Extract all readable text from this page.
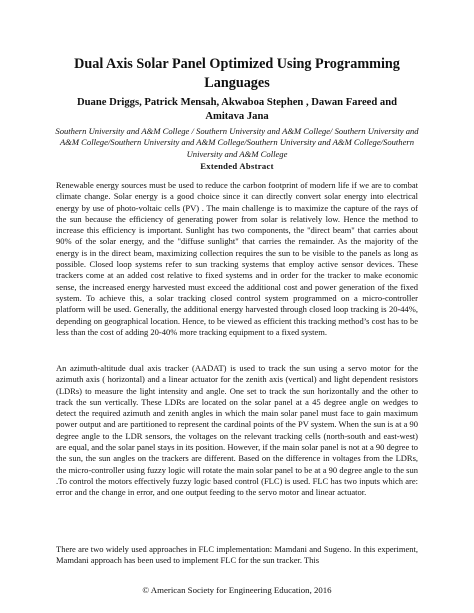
Dual Axis Solar Panel Optimized Using Programming Languages
Duane Driggs, Patrick Mensah, Akwaboa Stephen , Dawan Fareed and Amitava Jana
Southern University and A&M College / Southern University and A&M College/ Southern University and A&M College/Southern University and A&M College/Southern University and A&M College/Southern University and A&M College
Extended Abstract

Renewable energy sources must be used to reduce the carbon footprint of modern life if we are to combat climate change. Solar energy is a good choice since it can directly convert solar energy into electrical energy by use of photo-voltaic cells (PV) . The main challenge is to maximize the capture of the rays of the sun because the efficiency of generating power from solar is relatively low. Hence the method to increase this efficiency is important. Sunlight has two components, the "direct beam" that carries about 90% of the solar energy, and the "diffuse sunlight" that carries the remainder. As the majority of the energy is in the direct beam, maximizing collection requires the sun to be visible to the panels as long as possible. Closed loop systems refer to sun tracking systems that employ active sensor devices. These trackers come at an added cost relative to fixed systems and in order for the tracker to make economic sense, the increased energy harvested must exceed the additional cost and power generation of the fixed system. To achieve this, a solar tracking closed control system programmed on a micro-controller platform will be used. Generally, the additional energy harvested through closed loop tracking is 20-44%, depending on geographical location. Hence, to be viewed as efficient this tracking method’s cost has to be less than the cost of adding 20-40% more tracking equipment to a fixed system.

An azimuth-altitude dual axis tracker (AADAT) is used to track the sun using a servo motor for the azimuth axis ( horizontal) and a linear actuator for the zenith axis (vertical) and light dependent resistors (LDRs) to measure the light intensity and angle. One set to track the sun horizontally and the other to track the sun vertically. These LDRs are located on the solar panel at a 45 degree angle on wedges to detect the required azimuth and zenith angles in which the main solar panel must face to gain maximum power output and are partitioned to represent the cardinal points of the PV system. When the sun is at a 90 degree angle to the LDR sensors, the voltages on the relevant tracking cells (north-south and east-west) are equal, and the solar panel stays in its position. However, if the main solar panel is not at a 90 degree to the sun, the sun angles on the trackers are different. Based on the difference in voltages from the LDRs, the micro-controller using fuzzy logic will rotate the main solar panel to be at a 90 degree angle to the sun .To control the motors effectively fuzzy logic based control (FLC) is used. FLC has two inputs which are: error and the change in error, and one output feeding to the servo motor and linear actuator.

There are two widely used approaches in FLC implementation: Mamdani and Sugeno. In this experiment, Mamdani approach has been used to implement FLC for the sun tracker. This

© American Society for Engineering Education, 2016
